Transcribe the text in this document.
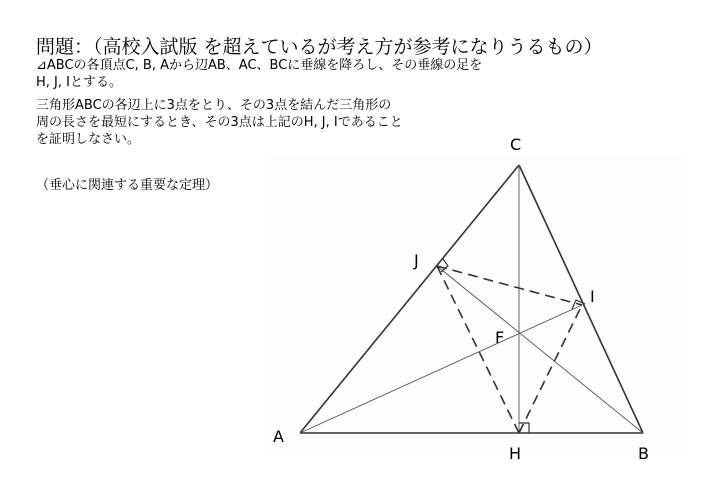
問題：（高校入試版 を超えているが考え方が参考になりうるもの）
⊿ABCの各頂点C, B, Aから辺AB、AC、BCに垂線を降ろし、その垂線の足を
H, J, Iとする。
三角形ABCの各辺上に3点をとり、その3点を結んだ三角形の
周の長さを最短にするとき、その3点は上記のH, J, Iであること
を証明しなさい。
（垂心に関連する重要な定理）
C
A
B
H
I
J
F
